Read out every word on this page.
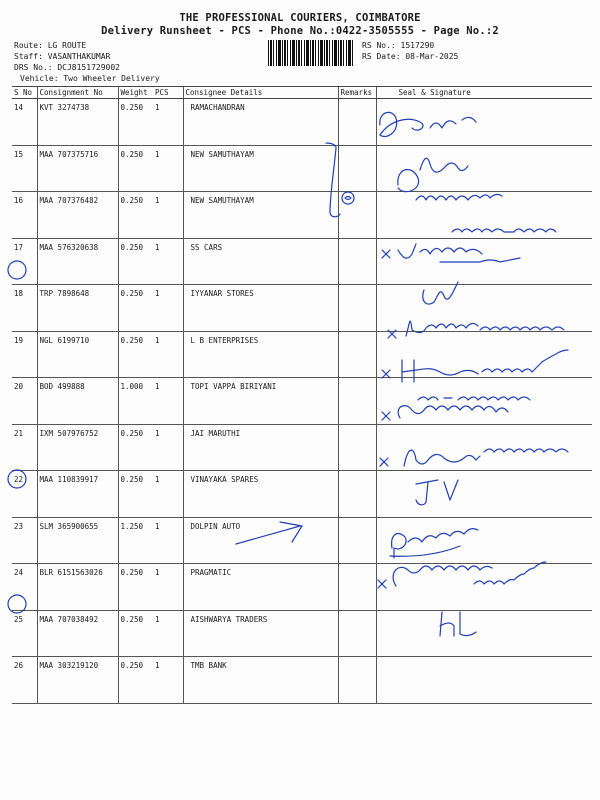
THE PROFESSIONAL COURIERS, COIMBATORE
Delivery Runsheet - PCS - Phone No.:0422-3505555 - Page No.:2
Route: LG ROUTE
Staff: VASANTHAKUMAR
DRS No.: DCJ8151729002
Vehicle: Two Wheeler Delivery
RS No.: 1517290
RS Date: 08-Mar-2025
S No	Consignment No	Weight	PCS	Consignee Details	Remarks	Seal & Signature
14	KVT 3274738	0.250	1	RAMACHANDRAN		
15	MAA 707375716	0.250	1	NEW SAMUTHAYAM		
16	MAA 707376482	0.250	1	NEW SAMUTHAYAM		
17	MAA 576320638	0.250	1	SS CARS		
18	TRP 7898648	0.250	1	IYYANAR STORES		
19	NGL 6199710	0.250	1	L B ENTERPRISES		
20	BOD 499888	1.000	1	TOPI VAPPA BIRIYANI		
21	IXM 507976752	0.250	1	JAI MARUTHI		
22	MAA 110839917	0.250	1	VINAYAKA SPARES		
23	SLM 365900655	1.250	1	DOLPIN AUTO		
24	BLR 6151563026	0.250	1	PRAGMATIC		
25	MAA 707038492	0.250	1	AISHWARYA TRADERS		
26	MAA 303219120	0.250	1	TMB BANK		
